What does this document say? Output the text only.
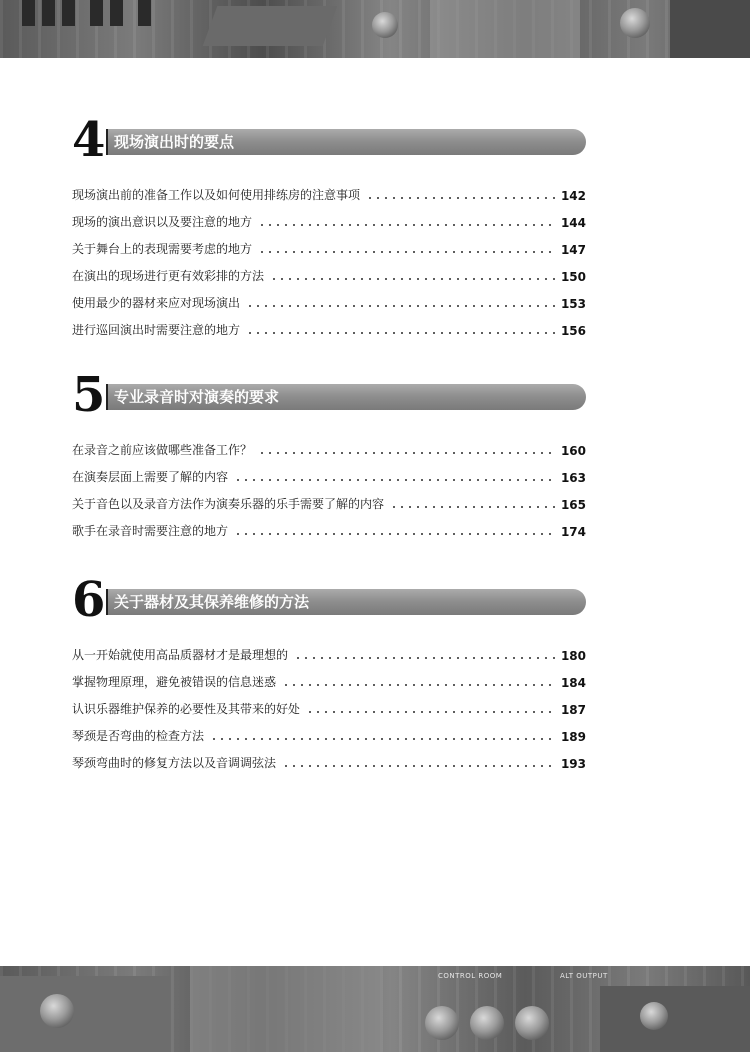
4 现场演出时的要点
现场演出前的准备工作以及如何使用排练房的注意事项	142
现场的演出意识以及要注意的地方	144
关于舞台上的表现需要考虑的地方	147
在演出的现场进行更有效彩排的方法	150
使用最少的器材来应对现场演出	153
进行巡回演出时需要注意的地方	156
5 专业录音时对演奏的要求
在录音之前应该做哪些准备工作？	160
在演奏层面上需要了解的内容	163
关于音色以及录音方法作为演奏乐器的乐手需要了解的内容	165
歌手在录音时需要注意的地方	174
6 关于器材及其保养维修的方法
从一开始就使用高品质器材才是最理想的	180
掌握物理原理，避免被错误的信息迷惑	184
认识乐器维护保养的必要性及其带来的好处	187
琴颈是否弯曲的检查方法	189
琴颈弯曲时的修复方法以及音调调弦法	193
CONTROL ROOM	ALT OUTPUT
